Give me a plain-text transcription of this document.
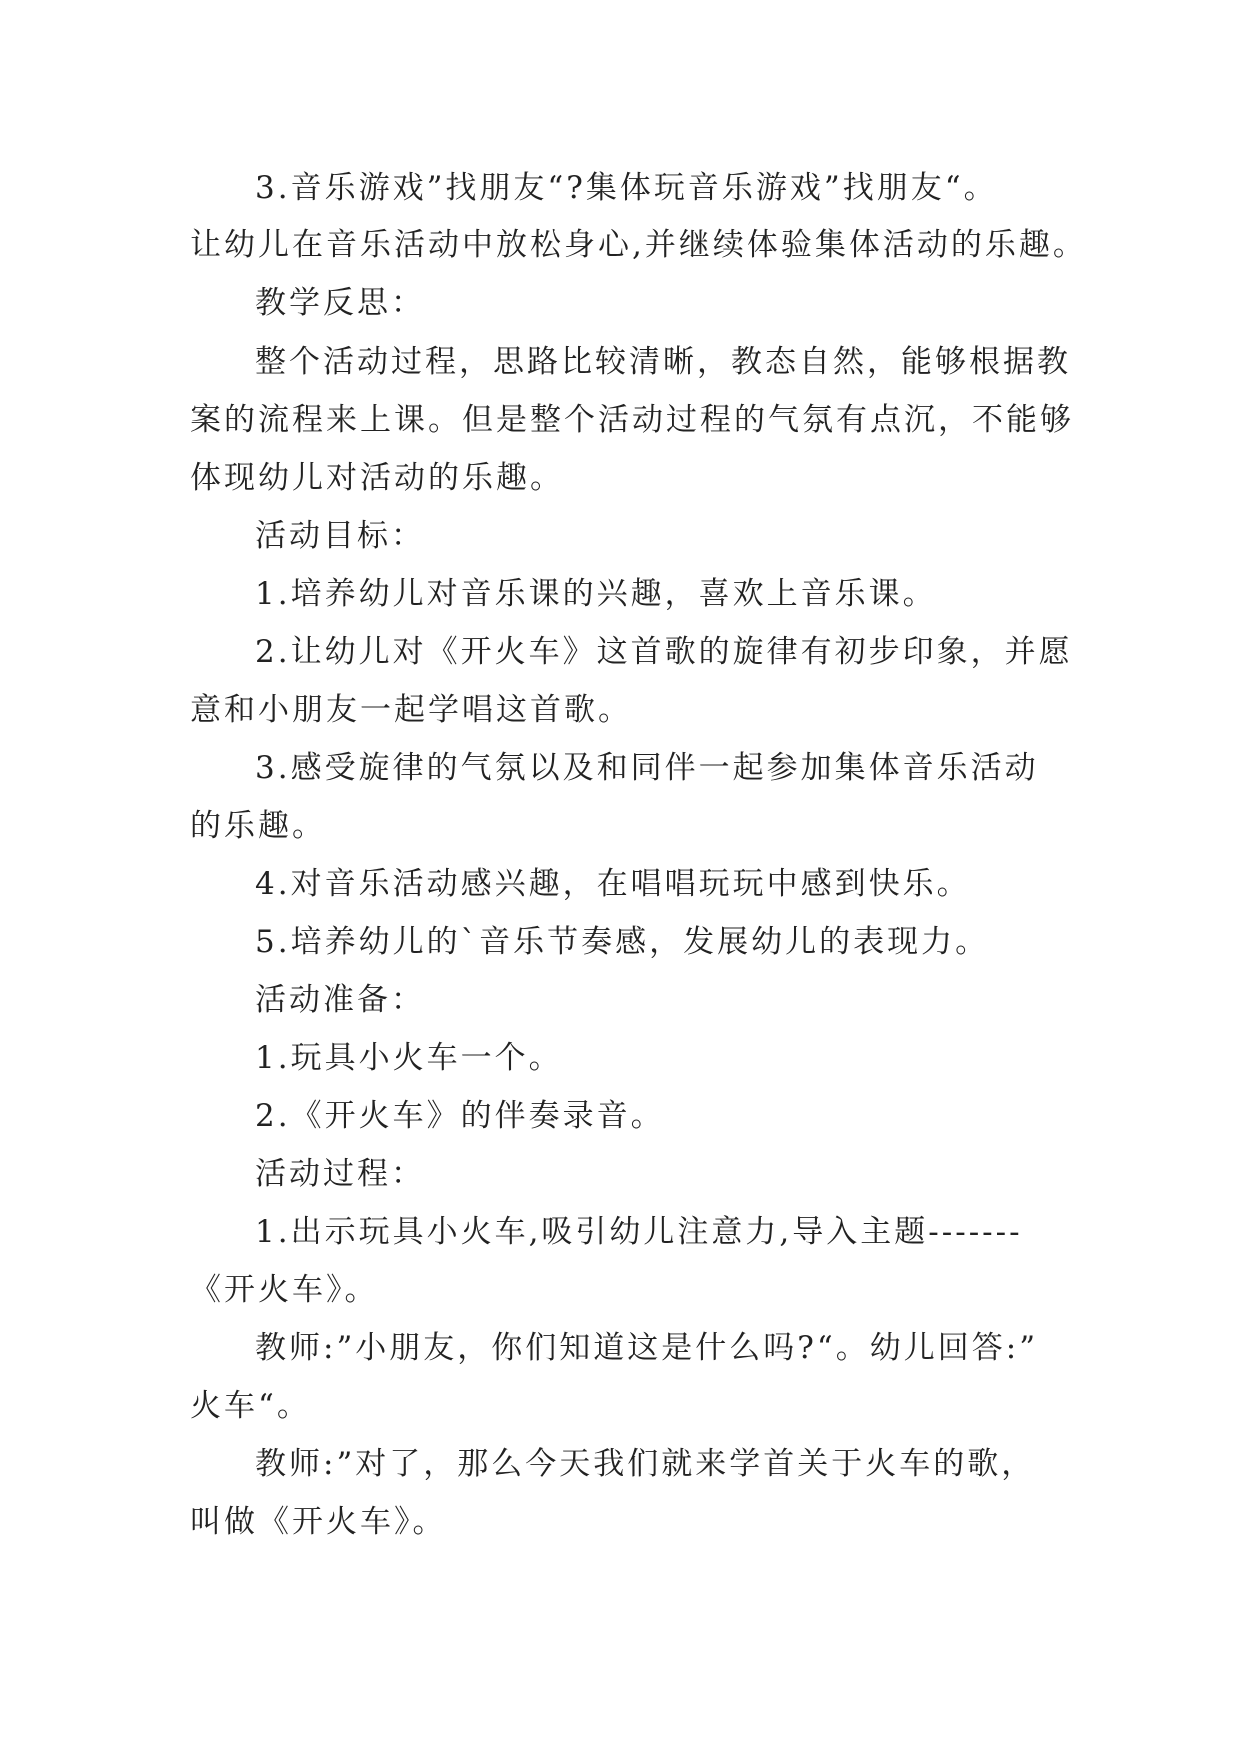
3.音乐游戏”找朋友“?集体玩音乐游戏”找朋友“。
让幼儿在音乐活动中放松身心,并继续体验集体活动的乐趣。
教学反思：
整个活动过程，思路比较清晰，教态自然，能够根据教
案的流程来上课。但是整个活动过程的气氛有点沉，不能够
体现幼儿对活动的乐趣。
活动目标：
1.培养幼儿对音乐课的兴趣，喜欢上音乐课。
2.让幼儿对《开火车》这首歌的旋律有初步印象，并愿
意和小朋友一起学唱这首歌。
3.感受旋律的气氛以及和同伴一起参加集体音乐活动
的乐趣。
4.对音乐活动感兴趣，在唱唱玩玩中感到快乐。
5.培养幼儿的`音乐节奏感，发展幼儿的表现力。
活动准备：
1.玩具小火车一个。
2.《开火车》的伴奏录音。
活动过程：
1.出示玩具小火车,吸引幼儿注意力,导入主题-------
《开火车》。
教师:”小朋友，你们知道这是什么吗?“。幼儿回答:”
火车“。
教师:”对了，那么今天我们就来学首关于火车的歌，
叫做《开火车》。
